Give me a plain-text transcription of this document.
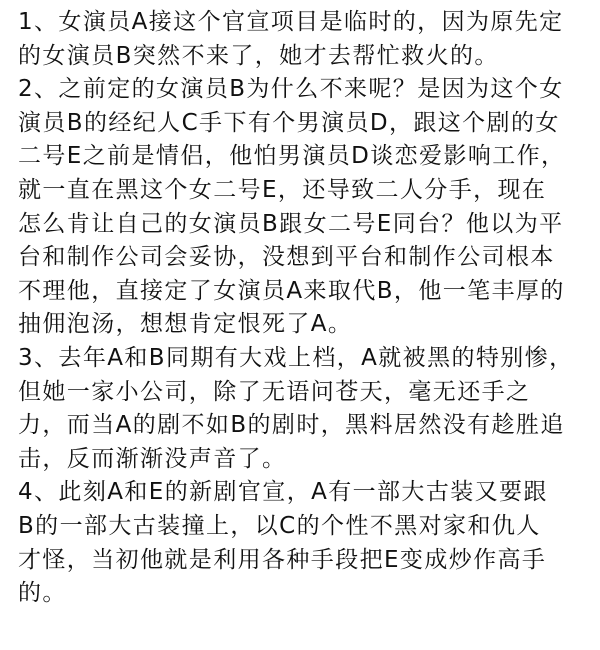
1、女演员A接这个官宣项目是临时的，因为原先定
的女演员B突然不来了，她才去帮忙救火的。
2、之前定的女演员B为什么不来呢？是因为这个女
演员B的经纪人C手下有个男演员D，跟这个剧的女
二号E之前是情侣，他怕男演员D谈恋爱影响工作，
就一直在黑这个女二号E，还导致二人分手，现在
怎么肯让自己的女演员B跟女二号E同台？他以为平
台和制作公司会妥协，没想到平台和制作公司根本
不理他，直接定了女演员A来取代B，他一笔丰厚的
抽佣泡汤，想想肯定恨死了A。
3、去年A和B同期有大戏上档，A就被黑的特别惨，
但她一家小公司，除了无语问苍天，毫无还手之
力，而当A的剧不如B的剧时，黑料居然没有趁胜追
击，反而渐渐没声音了。
4、此刻A和E的新剧官宣，A有一部大古装又要跟
B的一部大古装撞上，以C的个性不黑对家和仇人
才怪，当初他就是利用各种手段把E变成炒作高手
的。
